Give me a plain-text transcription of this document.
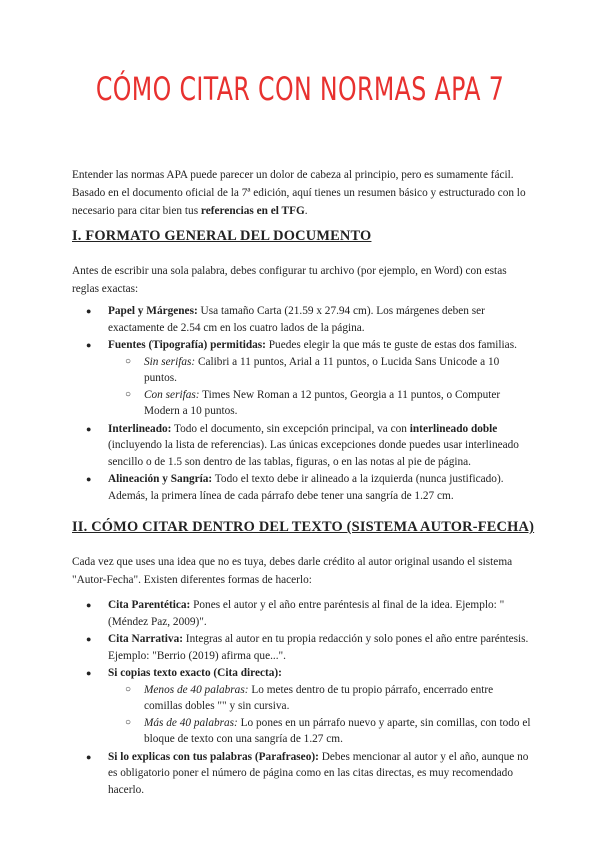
CÓMO CITAR CON NORMAS APA 7
Entender las normas APA puede parecer un dolor de cabeza al principio, pero es sumamente fácil. Basado en el documento oficial de la 7ª edición, aquí tienes un resumen básico y estructurado con lo necesario para citar bien tus referencias en el TFG.
I. FORMATO GENERAL DEL DOCUMENTO
Antes de escribir una sola palabra, debes configurar tu archivo (por ejemplo, en Word) con estas reglas exactas:
● Papel y Márgenes: Usa tamaño Carta (21.59 x 27.94 cm). Los márgenes deben ser exactamente de 2.54 cm en los cuatro lados de la página.
● Fuentes (Tipografía) permitidas: Puedes elegir la que más te guste de estas dos familias.
○ Sin serifas: Calibri a 11 puntos, Arial a 11 puntos, o Lucida Sans Unicode a 10 puntos.
○ Con serifas: Times New Roman a 12 puntos, Georgia a 11 puntos, o Computer Modern a 10 puntos.
● Interlineado: Todo el documento, sin excepción principal, va con interlineado doble (incluyendo la lista de referencias). Las únicas excepciones donde puedes usar interlineado sencillo o de 1.5 son dentro de las tablas, figuras, o en las notas al pie de página.
● Alineación y Sangría: Todo el texto debe ir alineado a la izquierda (nunca justificado). Además, la primera línea de cada párrafo debe tener una sangría de 1.27 cm.
II. CÓMO CITAR DENTRO DEL TEXTO (SISTEMA AUTOR-FECHA)
Cada vez que uses una idea que no es tuya, debes darle crédito al autor original usando el sistema "Autor-Fecha". Existen diferentes formas de hacerlo:
● Cita Parentética: Pones el autor y el año entre paréntesis al final de la idea. Ejemplo: "(Méndez Paz, 2009)".
● Cita Narrativa: Integras al autor en tu propia redacción y solo pones el año entre paréntesis. Ejemplo: "Berrio (2019) afirma que...".
● Si copias texto exacto (Cita directa):
○ Menos de 40 palabras: Lo metes dentro de tu propio párrafo, encerrado entre comillas dobles "" y sin cursiva.
○ Más de 40 palabras: Lo pones en un párrafo nuevo y aparte, sin comillas, con todo el bloque de texto con una sangría de 1.27 cm.
● Si lo explicas con tus palabras (Parafraseo): Debes mencionar al autor y el año, aunque no es obligatorio poner el número de página como en las citas directas, es muy recomendado hacerlo.
